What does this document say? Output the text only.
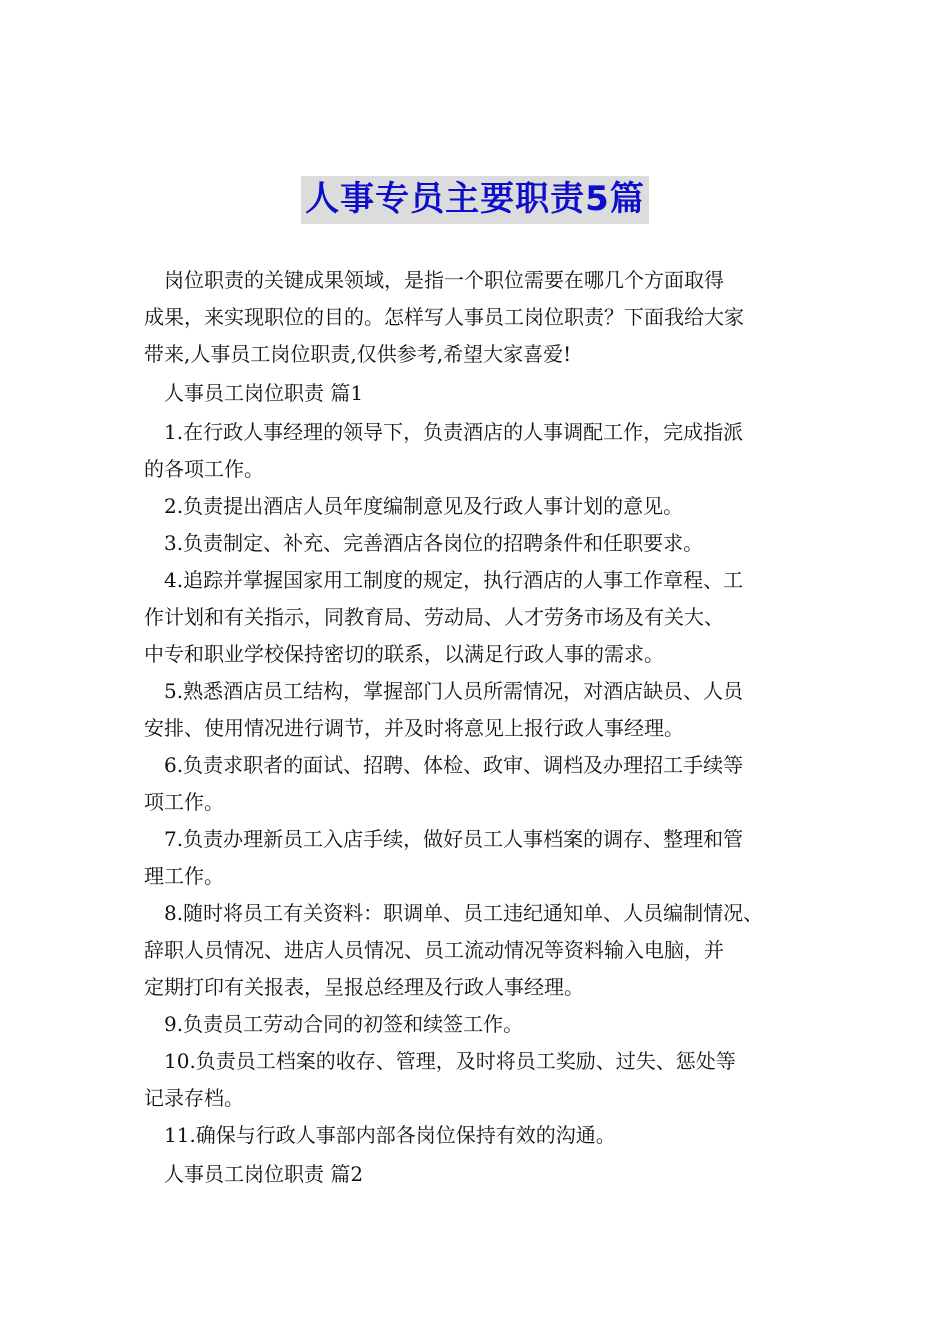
人事专员主要职责5篇

岗位职责的关键成果领域，是指一个职位需要在哪几个方面取得
成果，来实现职位的目的。怎样写人事员工岗位职责？下面我给大家
带来,人事员工岗位职责,仅供参考,希望大家喜爱!

人事员工岗位职责 篇1

1.在行政人事经理的领导下，负责酒店的人事调配工作，完成指派
的各项工作。
2.负责提出酒店人员年度编制意见及行政人事计划的意见。
3.负责制定、补充、完善酒店各岗位的招聘条件和任职要求。
4.追踪并掌握国家用工制度的规定，执行酒店的人事工作章程、工
作计划和有关指示，同教育局、劳动局、人才劳务市场及有关大、
中专和职业学校保持密切的联系，以满足行政人事的需求。
5.熟悉酒店员工结构，掌握部门人员所需情况，对酒店缺员、人员
安排、使用情况进行调节，并及时将意见上报行政人事经理。
6.负责求职者的面试、招聘、体检、政审、调档及办理招工手续等
项工作。
7.负责办理新员工入店手续，做好员工人事档案的调存、整理和管
理工作。
8.随时将员工有关资料：职调单、员工违纪通知单、人员编制情况、
辞职人员情况、进店人员情况、员工流动情况等资料输入电脑，并
定期打印有关报表，呈报总经理及行政人事经理。
9.负责员工劳动合同的初签和续签工作。
10.负责员工档案的收存、管理，及时将员工奖励、过失、惩处等
记录存档。
11.确保与行政人事部内部各岗位保持有效的沟通。

人事员工岗位职责 篇2
